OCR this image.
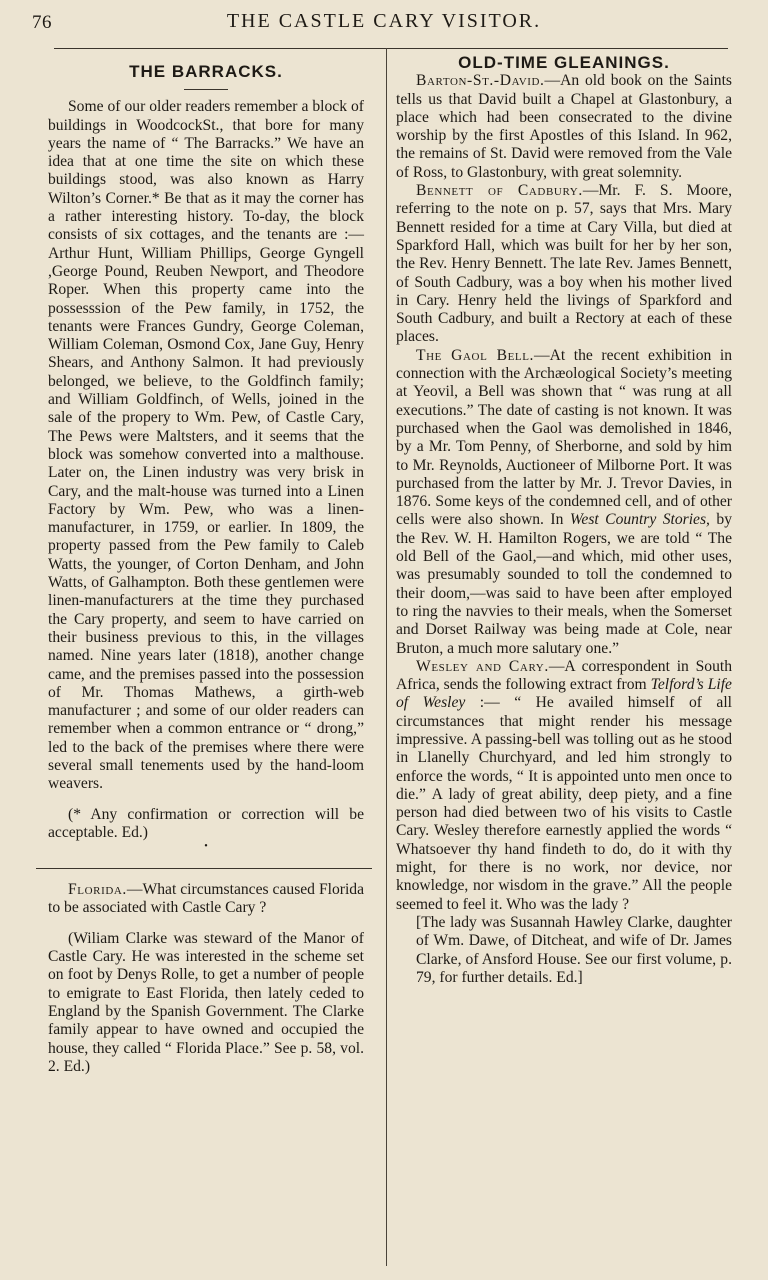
76	THE CASTLE CARY VISITOR.
THE BARRACKS.

Some of our older readers remember a block of buildings in WoodcockSt., that bore for many years the name of “ The Barracks.” We have an idea that at one time the site on which these buildings stood, was also known as Harry Wilton’s Corner.* Be that as it may the corner has a rather interesting history. To-day, the block consists of six cottages, and the tenants are :—Arthur Hunt, William Phillips, George Gyngell ,George Pound, Reuben Newport, and Theodore Roper. When this property came into the possesssion of the Pew family, in 1752, the tenants were Frances Gundry, George Coleman, William Coleman, Osmond Cox, Jane Guy, Henry Shears, and Anthony Salmon. It had previously belonged, we believe, to the Goldfinch family; and William Goldfinch, of Wells, joined in the sale of the propery to Wm. Pew, of Castle Cary, The Pews were Maltsters, and it seems that the block was somehow converted into a malthouse. Later on, the Linen industry was very brisk in Cary, and the malt-house was turned into a Linen Factory by Wm. Pew, who was a linen-manufacturer, in 1759, or earlier. In 1809, the property passed from the Pew family to Caleb Watts, the younger, of Corton Denham, and John Watts, of Galhampton. Both these gentlemen were linen-manufacturers at the time they purchased the Cary property, and seem to have carried on their business previous to this, in the villages named. Nine years later (1818), another change came, and the premises passed into the possession of Mr. Thomas Mathews, a girth-web manufacturer ; and some of our older readers can remember when a common entrance or “ drong,” led to the back of the premises where there were several small tenements used by the hand-loom weavers.

(* Any confirmation or correction will be acceptable. Ed.)

•

Florida.—What circumstances caused Florida to be associated with Castle Cary ?

(Wiliam Clarke was steward of the Manor of Castle Cary. He was interested in the scheme set on foot by Denys Rolle, to get a number of people to emigrate to East Florida, then lately ceded to England by the Spanish Government. The Clarke family appear to have owned and occupied the house, they called “ Florida Place.” See p. 58, vol. 2. Ed.)

OLD-TIME GLEANINGS.

Barton-St.-David.—An old book on the Saints tells us that David built a Chapel at Glastonbury, a place which had been consecrated to the divine worship by the first Apostles of this Island. In 962, the remains of St. David were removed from the Vale of Ross, to Glastonbury, with great solemnity.

Bennett of Cadbury.—Mr. F. S. Moore, referring to the note on p. 57, says that Mrs. Mary Bennett resided for a time at Cary Villa, but died at Sparkford Hall, which was built for her by her son, the Rev. Henry Bennett. The late Rev. James Bennett, of South Cadbury, was a boy when his mother lived in Cary. Henry held the livings of Sparkford and South Cadbury, and built a Rectory at each of these places.

The Gaol Bell.—At the recent exhibition in connection with the Archæological Society’s meeting at Yeovil, a Bell was shown that “ was rung at all executions.” The date of casting is not known. It was purchased when the Gaol was demolished in 1846, by a Mr. Tom Penny, of Sherborne, and sold by him to Mr. Reynolds, Auctioneer of Milborne Port. It was purchased from the latter by Mr. J. Trevor Davies, in 1876. Some keys of the condemned cell, and of other cells were also shown. In West Country Stories, by the Rev. W. H. Hamilton Rogers, we are told “ The old Bell of the Gaol,—and which, mid other uses, was presumably sounded to toll the condemned to their doom,—was said to have been after employed to ring the navvies to their meals, when the Somerset and Dorset Railway was being made at Cole, near Bruton, a much more salutary one.”

Wesley and Cary.—A correspondent in South Africa, sends the following extract from Telford’s Life of Wesley :— “ He availed himself of all circumstances that might render his message impressive. A passing-bell was tolling out as he stood in Llanelly Churchyard, and led him strongly to enforce the words, “ It is appointed unto men once to die.” A lady of great ability, deep piety, and a fine person had died between two of his visits to Castle Cary. Wesley therefore earnestly applied the words “ Whatsoever thy hand findeth to do, do it with thy might, for there is no work, nor device, nor knowledge, nor wisdom in the grave.” All the people seemed to feel it. Who was the lady ?

[The lady was Susannah Hawley Clarke, daughter of Wm. Dawe, of Ditcheat, and wife of Dr. James Clarke, of Ansford House. See our first volume, p. 79, for further details. Ed.]
